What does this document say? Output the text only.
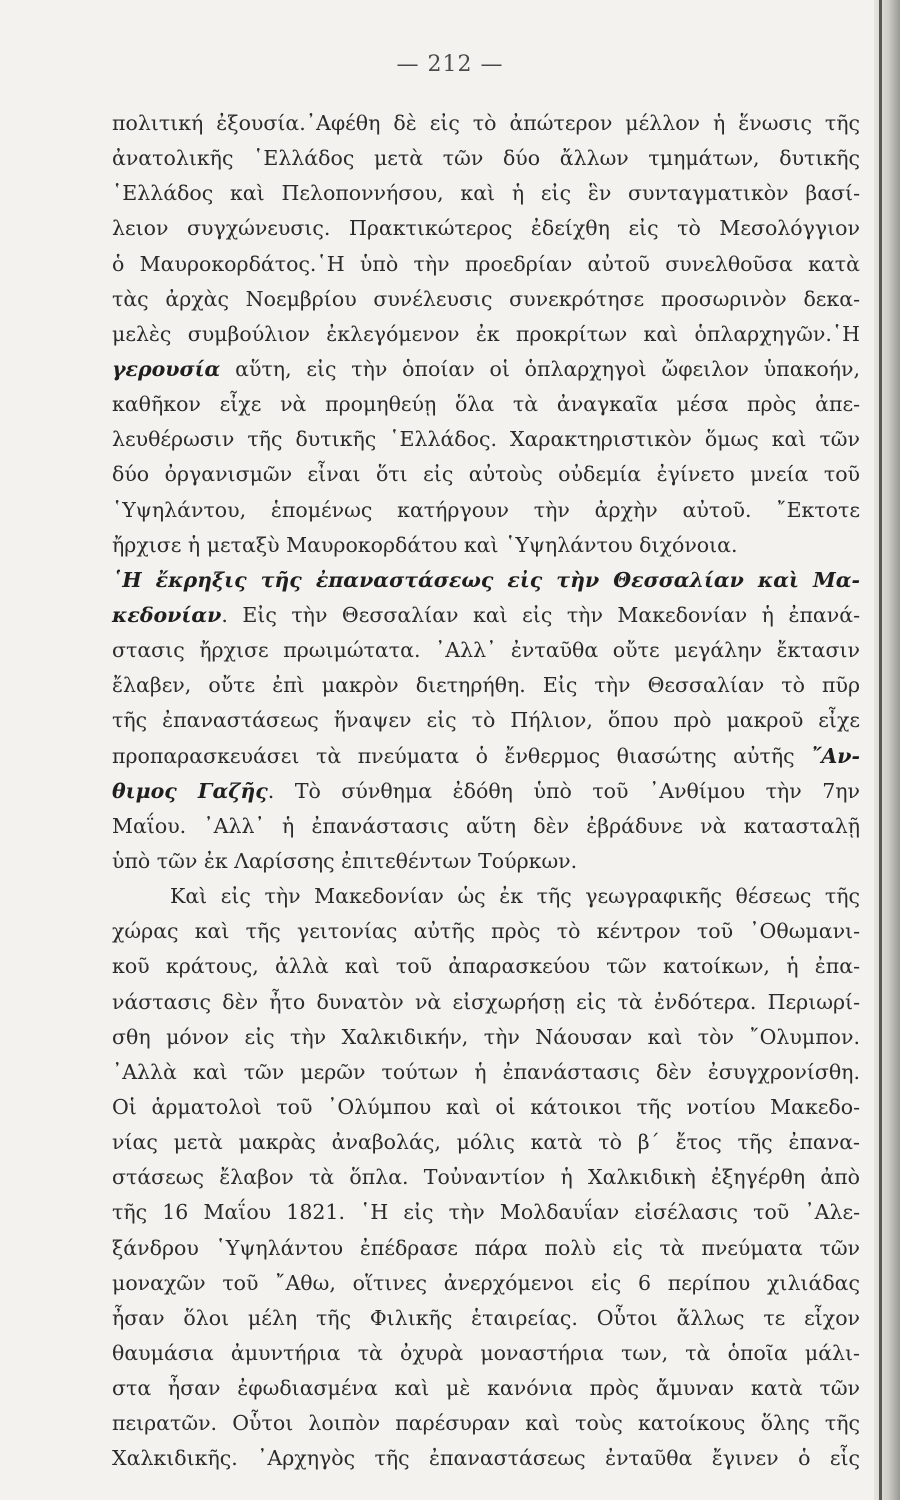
— 212 —
πολιτική ἐξουσία.᾿Αφέθη δὲ εἰς τὸ ἀπώτερον μέλλον ἡ ἕνωσις τῆς
ἀνατολικῆς ῾Ελλάδος μετὰ τῶν δύο ἄλλων τμημάτων, δυτικῆς
῾Ελλάδος καὶ Πελοποννήσου, καὶ ἡ εἰς ἓν συνταγματικὸν βασί-
λειον συγχώνευσις. Πρακτικώτερος ἐδείχθη εἰς τὸ Μεσολόγγιον
ὁ Μαυροκορδάτος.῾Η ὑπὸ τὴν προεδρίαν αὐτοῦ συνελθοῦσα κατὰ
τὰς ἀρχὰς Νοεμβρίου συνέλευσις συνεκρότησε προσωρινὸν δεκα-
μελὲς συμβούλιον ἐκλεγόμενον ἐκ προκρίτων καὶ ὁπλαρχηγῶν.῾Η
γερουσία αὕτη, εἰς τὴν ὁποίαν οἱ ὁπλαρχηγοὶ ὤφειλον ὑπακοήν,
καθῆκον εἶχε νὰ προμηθεύῃ ὅλα τὰ ἀναγκαῖα μέσα πρὸς ἀπε-
λευθέρωσιν τῆς δυτικῆς ῾Ελλάδος. Χαρακτηριστικὸν ὅμως καὶ τῶν
δύο ὀργανισμῶν εἶναι ὅτι εἰς αὐτοὺς οὐδεμία ἐγίνετο μνεία τοῦ
῾Υψηλάντου, ἑπομένως κατήργουν τὴν ἀρχὴν αὐτοῦ. ῎Εκτοτε
ἤρχισε ἡ μεταξὺ Μαυροκορδάτου καὶ ῾Υψηλάντου διχόνοια.
῾Η ἔκρηξις τῆς ἐπαναστάσεως εἰς τὴν Θεσσαλίαν καὶ Μα-
κεδονίαν. Εἰς τὴν Θεσσαλίαν καὶ εἰς τὴν Μακεδονίαν ἡ ἐπανά-
στασις ἤρχισε πρωιμώτατα. ᾿Αλλ᾿ ἐνταῦθα οὔτε μεγάλην ἔκτασιν
ἔλαβεν, οὔτε ἐπὶ μακρὸν διετηρήθη. Εἰς τὴν Θεσσαλίαν τὸ πῦρ
τῆς ἐπαναστάσεως ἥναψεν εἰς τὸ Πήλιον, ὅπου πρὸ μακροῦ εἶχε
προπαρασκευάσει τὰ πνεύματα ὁ ἔνθερμος θιασώτης αὐτῆς ῎Αν-
θιμος Γαζῆς. Τὸ σύνθημα ἐδόθη ὑπὸ τοῦ ᾿Ανθίμου τὴν 7ην
Μαΐου. ᾿Αλλ᾿ ἡ ἐπανάστασις αὕτη δὲν ἐβράδυνε νὰ κατασταλῇ
ὑπὸ τῶν ἐκ Λαρίσσης ἐπιτεθέντων Τούρκων.
Καὶ εἰς τὴν Μακεδονίαν ὡς ἐκ τῆς γεωγραφικῆς θέσεως τῆς
χώρας καὶ τῆς γειτονίας αὐτῆς πρὸς τὸ κέντρον τοῦ ᾿Οθωμανι-
κοῦ κράτους, ἀλλὰ καὶ τοῦ ἀπαρασκεύου τῶν κατοίκων, ἡ ἐπα-
νάστασις δὲν ἦτο δυνατὸν νὰ εἰσχωρήσῃ εἰς τὰ ἐνδότερα. Περιωρί-
σθη μόνον εἰς τὴν Χαλκιδικήν, τὴν Νάουσαν καὶ τὸν ῎Ολυμπον.
᾿Αλλὰ καὶ τῶν μερῶν τούτων ἡ ἐπανάστασις δὲν ἐσυγχρονίσθη.
Οἱ ἁρματολοὶ τοῦ ᾿Ολύμπου καὶ οἱ κάτοικοι τῆς νοτίου Μακεδο-
νίας μετὰ μακρὰς ἀναβολάς, μόλις κατὰ τὸ β´ ἔτος τῆς ἐπανα-
στάσεως ἔλαβον τὰ ὅπλα. Τοὐναντίον ἡ Χαλκιδικὴ ἐξηγέρθη ἀπὸ
τῆς 16 Μαΐου 1821. ῾Η εἰς τὴν Μολδαυΐαν εἰσέλασις τοῦ ᾿Αλε-
ξάνδρου ῾Υψηλάντου ἐπέδρασε πάρα πολὺ εἰς τὰ πνεύματα τῶν
μοναχῶν τοῦ ῎Αθω, οἵτινες ἀνερχόμενοι εἰς 6 περίπου χιλιάδας
ἦσαν ὅλοι μέλη τῆς Φιλικῆς ἑταιρείας. Οὗτοι ἄλλως τε εἶχον
θαυμάσια ἀμυντήρια τὰ ὀχυρὰ μοναστήρια των, τὰ ὁποῖα μάλι-
στα ἦσαν ἐφωδιασμένα καὶ μὲ κανόνια πρὸς ἄμυναν κατὰ τῶν
πειρατῶν. Οὗτοι λοιπὸν παρέσυραν καὶ τοὺς κατοίκους ὅλης τῆς
Χαλκιδικῆς. ᾿Αρχηγὸς τῆς ἐπαναστάσεως ἐνταῦθα ἔγινεν ὁ εἷς
